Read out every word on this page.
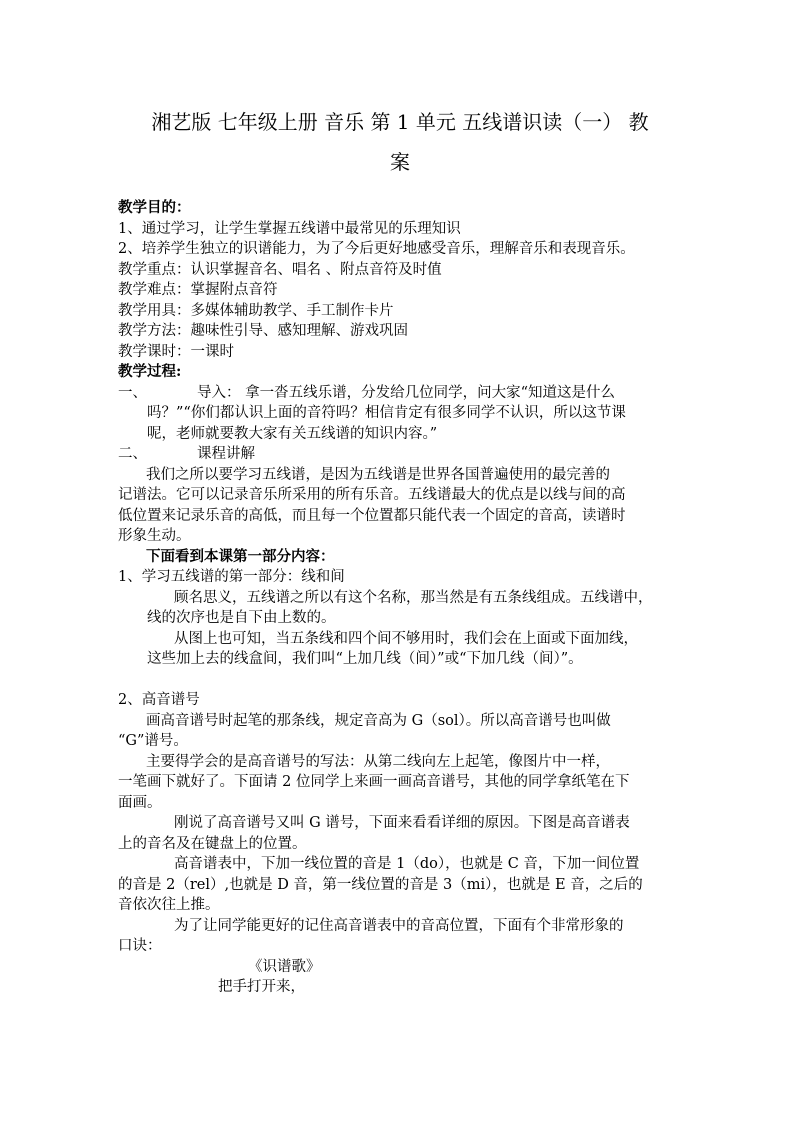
湘艺版 七年级上册 音乐 第 1 单元 五线谱识读（一） 教
案
教学目的：
1、通过学习，让学生掌握五线谱中最常见的乐理知识
2、培养学生独立的识谱能力，为了今后更好地感受音乐，理解音乐和表现音乐。
教学重点：认识掌握音名、唱名 、附点音符及时值
教学难点：掌握附点音符
教学用具：多媒体辅助教学、手工制作卡片
教学方法：趣味性引导、感知理解、游戏巩固
教学课时：一课时
教学过程:
一、	导入： 拿一沓五线乐谱，分发给几位同学，问大家“知道这是什么
吗？”“你们都认识上面的音符吗？相信肯定有很多同学不认识，所以这节课
呢，老师就要教大家有关五线谱的知识内容。”
二、	课程讲解
我们之所以要学习五线谱，是因为五线谱是世界各国普遍使用的最完善的
记谱法。它可以记录音乐所采用的所有乐音。五线谱最大的优点是以线与间的高
低位置来记录乐音的高低，而且每一个位置都只能代表一个固定的音高，读谱时
形象生动。
下面看到本课第一部分内容：
1、学习五线谱的第一部分：线和间
顾名思义，五线谱之所以有这个名称，那当然是有五条线组成。五线谱中，
线的次序也是自下由上数的。
从图上也可知，当五条线和四个间不够用时，我们会在上面或下面加线，
这些加上去的线盒间，我们叫“上加几线（间）”或“下加几线（间）”。
2、高音谱号
画高音谱号时起笔的那条线，规定音高为 G（sol）。所以高音谱号也叫做
“G”谱号。
主要得学会的是高音谱号的写法：从第二线向左上起笔，像图片中一样，
一笔画下就好了。下面请 2 位同学上来画一画高音谱号，其他的同学拿纸笔在下
面画。
刚说了高音谱号又叫 G 谱号，下面来看看详细的原因。下图是高音谱表
上的音名及在键盘上的位置。
高音谱表中，下加一线位置的音是 1（do），也就是 C 音，下加一间位置
的音是 2（rel）,也就是 D 音，第一线位置的音是 3（mi），也就是 E 音，之后的
音依次往上推。
为了让同学能更好的记住高音谱表中的音高位置，下面有个非常形象的
口诀：
《识谱歌》
把手打开来，
